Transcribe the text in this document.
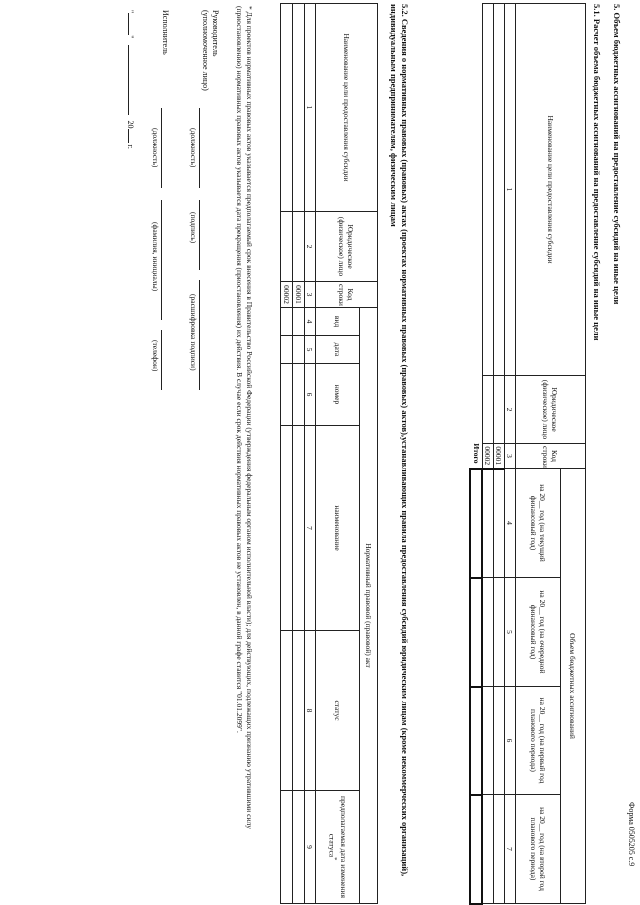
Форма 0505205 с.9
5. Объем бюджетных ассигнований на предоставление субсидий на иные цели
5.1. Расчет объема бюджетных ассигнований на предоставление субсидий на иные цели
Наименование цели предоставления субсидии	Юридическое (физическое) лицо	Код строки	Объем бюджетных ассигнований			
			на 20__ год (на текущий финансовый год)	на 20__ год (на очередной финансовый год)	на 20__ год (на первый год планового периода)	на 20__ год (на второй год планового периода)
1	2	3	4	5	6	7
		00001				
		00002				
Итого						
5.2. Сведения о нормативных правовых (правовых) актах (проектах нормативных правовых (правовых) актов),устанавливающих правила предоставления субсидий юридическим лицам (кроме некоммерческих организаций), индивидуальным предпринимателям, физическим лицам
Наименование цели предоставления субсидии	Юридическое (физическое) лицо	Код строки	Нормативный правовой (правовой) акт					
			вид	дата	номер	наименование	статус	предполагаемая дата изменения статуса*
1	2	3	4	5	6	7	8	9
		00001						
		00002						
* Для проектов нормативных правовых актов указывается предполагаемый срок внесения в Правительство Российской Федерации (утверждения федеральным органом исполнительной власти); для действующих, подлежащих признанию утратившими силу (приостановлению) нормативных правовых актов указывается дата прекращения (приостановления) их действия. В случае если срок действия нормативных правовых актов не установлен, в данной графе ставится "01.01.2099".
Руководитель
(уполномоченное лицо)
(должность)
(подпись)
(расшифровка подписи)
Исполнитель
(должность)
(фамилия, инициалы)
(телефон)
""  20 г.
